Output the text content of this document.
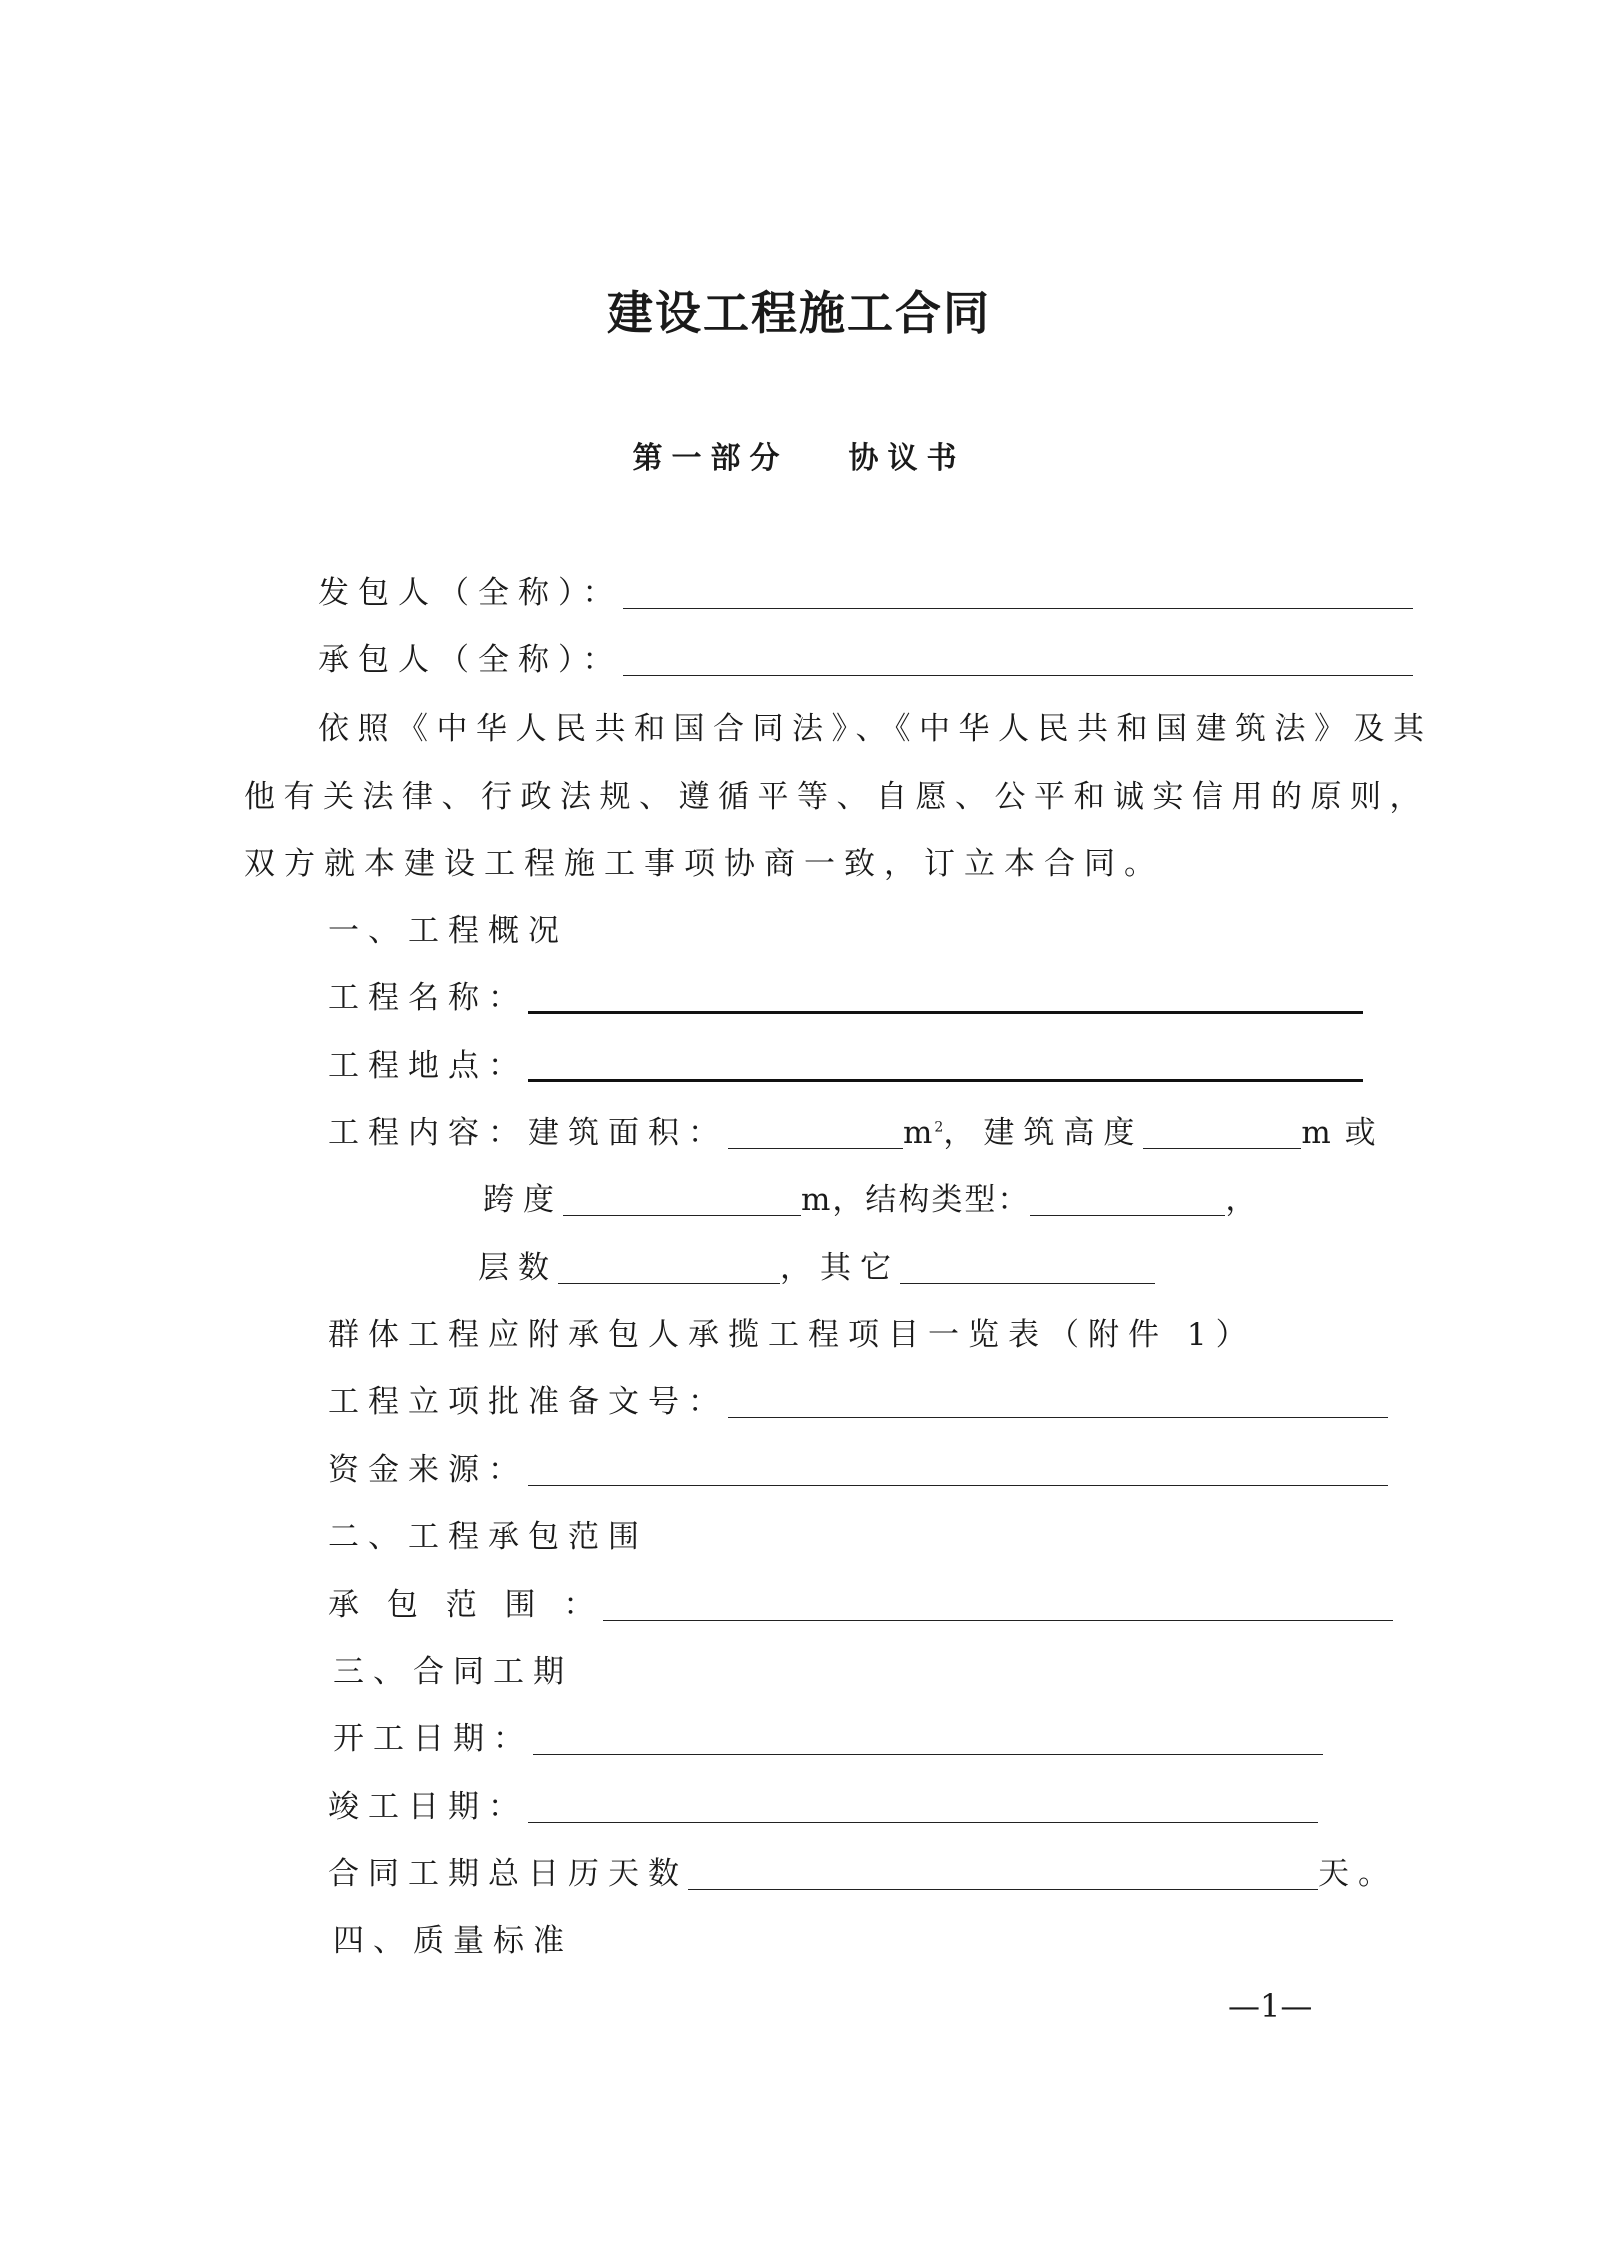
建设工程施工合同
第一部分 协议书
发包人（全称）：
承包人（全称）：
依照《中华人民共和国合同法》、《中华人民共和国建筑法》及其
他有关法律、行政法规、遵循平等、自愿、公平和诚实信用的原则，
双方就本建设工程施工事项协商一致，订立本合同。
一、工程概况
工程名称：
工程地点：
工程内容：建筑面积：	$m^2$，建筑高度	m 或
跨度	m，结构类型：	，
层数	，其它
群体工程应附承包人承揽工程项目一览表（附件 1）
工程立项批准备文号：
资金来源：
二、工程承包范围
承 包 范 围 ：
三、合同工期
开工日期：
竣工日期：
合同工期总日历天数	天。
四、质量标准
—1—
